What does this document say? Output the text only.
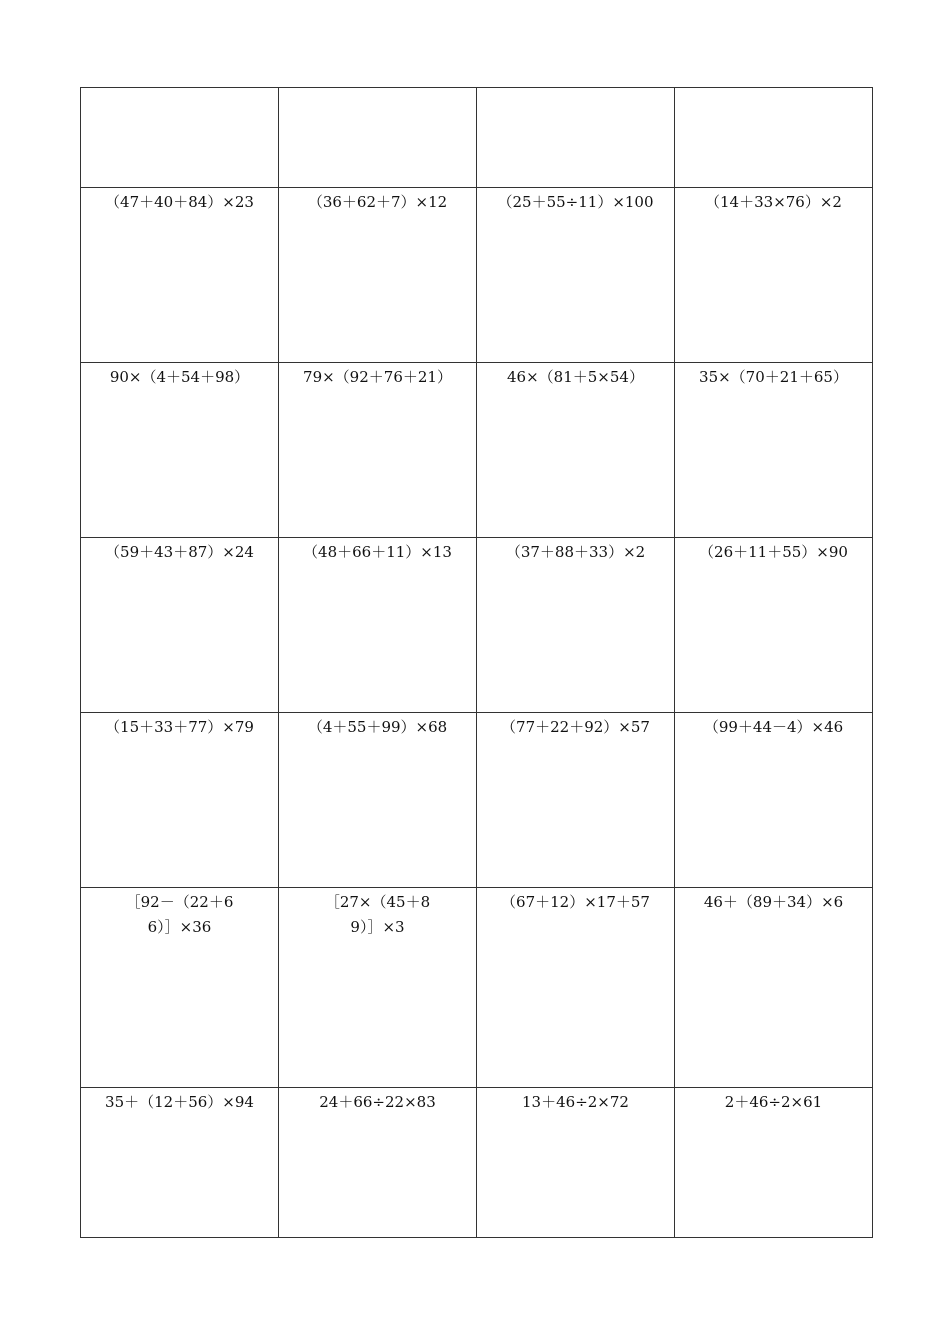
（47＋40＋84）×23	（36＋62＋7）×12	（25＋55÷11）×100	（14＋33×76）×2

90×（4＋54＋98）	79×（92＋76＋21）	46×（81＋5×54）	35×（70＋21＋65）

（59＋43＋87）×24	（48＋66＋11）×13	（37＋88＋33）×2	（26＋11＋55）×90

（15＋33＋77）×79	（4＋55＋99）×68	（77＋22＋92）×57	（99＋44－4）×46

［92－（22＋66）］×36	［27×（45＋89）］×3	（67＋12）×17＋57	46＋（89＋34）×6

35＋（12＋56）×94	24＋66÷22×83	13＋46÷2×72	2＋46÷2×61
